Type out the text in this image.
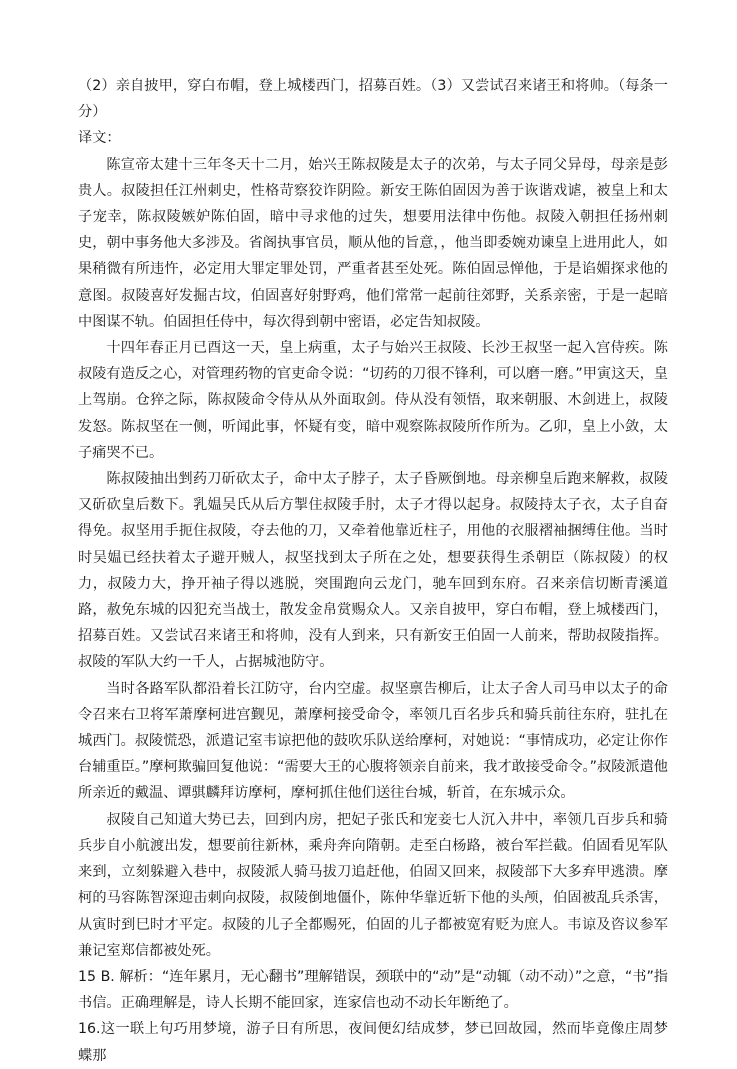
（2）亲自披甲，穿白布帽，登上城楼西门，招募百姓。（3）又尝试召来诸王和将帅。（每条一分）

译文：

陈宣帝太建十三年冬天十二月，始兴王陈叔陵是太子的次弟，与太子同父异母，母亲是彭贵人。叔陵担任江州刺史，性格苛察狡诈阴险。新安王陈伯固因为善于诙谐戏谑，被皇上和太子宠幸，陈叔陵嫉妒陈伯固，暗中寻求他的过失，想要用法律中伤他。叔陵入朝担任扬州刺史，朝中事务他大多涉及。省阁执事官员，顺从他的旨意，，他当即委婉劝谏皇上进用此人，如果稍微有所违忤，必定用大罪定罪处罚，严重者甚至处死。陈伯固忌惮他，于是谄媚探求他的意图。叔陵喜好发掘古坟，伯固喜好射野鸡，他们常常一起前往郊野，关系亲密，于是一起暗中图谋不轨。伯固担任侍中，每次得到朝中密语，必定告知叔陵。

十四年春正月已酉这一天，皇上病重，太子与始兴王叔陵、长沙王叔坚一起入宫侍疾。陈叔陵有造反之心，对管理药物的官吏命令说：“切药的刀很不锋利，可以磨一磨。”甲寅这天，皇上驾崩。仓猝之际，陈叔陵命令侍从从外面取剑。侍从没有领悟，取来朝服、木剑进上，叔陵发怒。陈叔坚在一侧，听闻此事，怀疑有变，暗中观察陈叔陵所作所为。乙卯，皇上小敛，太子痛哭不已。

陈叔陵抽出剉药刀斫砍太子，命中太子脖子，太子昏厥倒地。母亲柳皇后跑来解救，叔陵又斫砍皇后数下。乳媪吴氏从后方掣住叔陵手肘，太子才得以起身。叔陵持太子衣，太子自奋得免。叔坚用手扼住叔陵，夺去他的刀，又牵着他靠近柱子，用他的衣服褶袖捆缚住他。当时时吴媪已经扶着太子避开贼人，叔坚找到太子所在之处，想要获得生杀朝臣（陈叔陵）的权力，叔陵力大，挣开袖子得以逃脱，突围跑向云龙门，驰车回到东府。召来亲信切断青溪道路，赦免东城的囚犯充当战士，散发金帛赏赐众人。又亲自披甲，穿白布帽，登上城楼西门，招募百姓。又尝试召来诸王和将帅，没有人到来，只有新安王伯固一人前来，帮助叔陵指挥。叔陵的军队大约一千人，占据城池防守。

当时各路军队都沿着长江防守，台内空虚。叔坚禀告柳后，让太子舍人司马申以太子的命令召来右卫将军萧摩柯进宫觐见，萧摩柯接受命令，率领几百名步兵和骑兵前往东府，驻扎在城西门。叔陵慌恐，派遣记室韦谅把他的鼓吹乐队送给摩柯，对她说：“事情成功，必定让你作台辅重臣。”摩柯欺骗回复他说：“需要大王的心腹将领亲自前来，我才敢接受命令。”叔陵派遣他所亲近的戴温、谭骐麟拜访摩柯，摩柯抓住他们送往台城，斩首，在东城示众。

叔陵自己知道大势已去，回到内房，把妃子张氏和宠妾七人沉入井中，率领几百步兵和骑兵步自小航渡出发，想要前往新林，乘舟奔向隋朝。走至白杨路，被台军拦截。伯固看见军队来到，立刻躲避入巷中，叔陵派人骑马拔刀追赶他，伯固又回来，叔陵部下大多弃甲逃溃。摩柯的马容陈智深迎击刺向叔陵，叔陵倒地僵仆，陈仲华靠近斩下他的头颅，伯固被乱兵杀害，从寅时到巳时才平定。叔陵的儿子全都赐死，伯固的儿子都被宽宥贬为庶人。韦谅及咨议参军兼记室郑信都被处死。

15 B. 解析：“连年累月，无心翻书”理解错误，颈联中的“动”是“动辄（动不动）”之意，“书”指书信。正确理解是，诗人长期不能回家，连家信也动不动长年断绝了。

16.这一联上句巧用梦境，游子日有所思，夜间便幻结成梦，梦已回故园，然而毕竟像庄周梦蝶那
